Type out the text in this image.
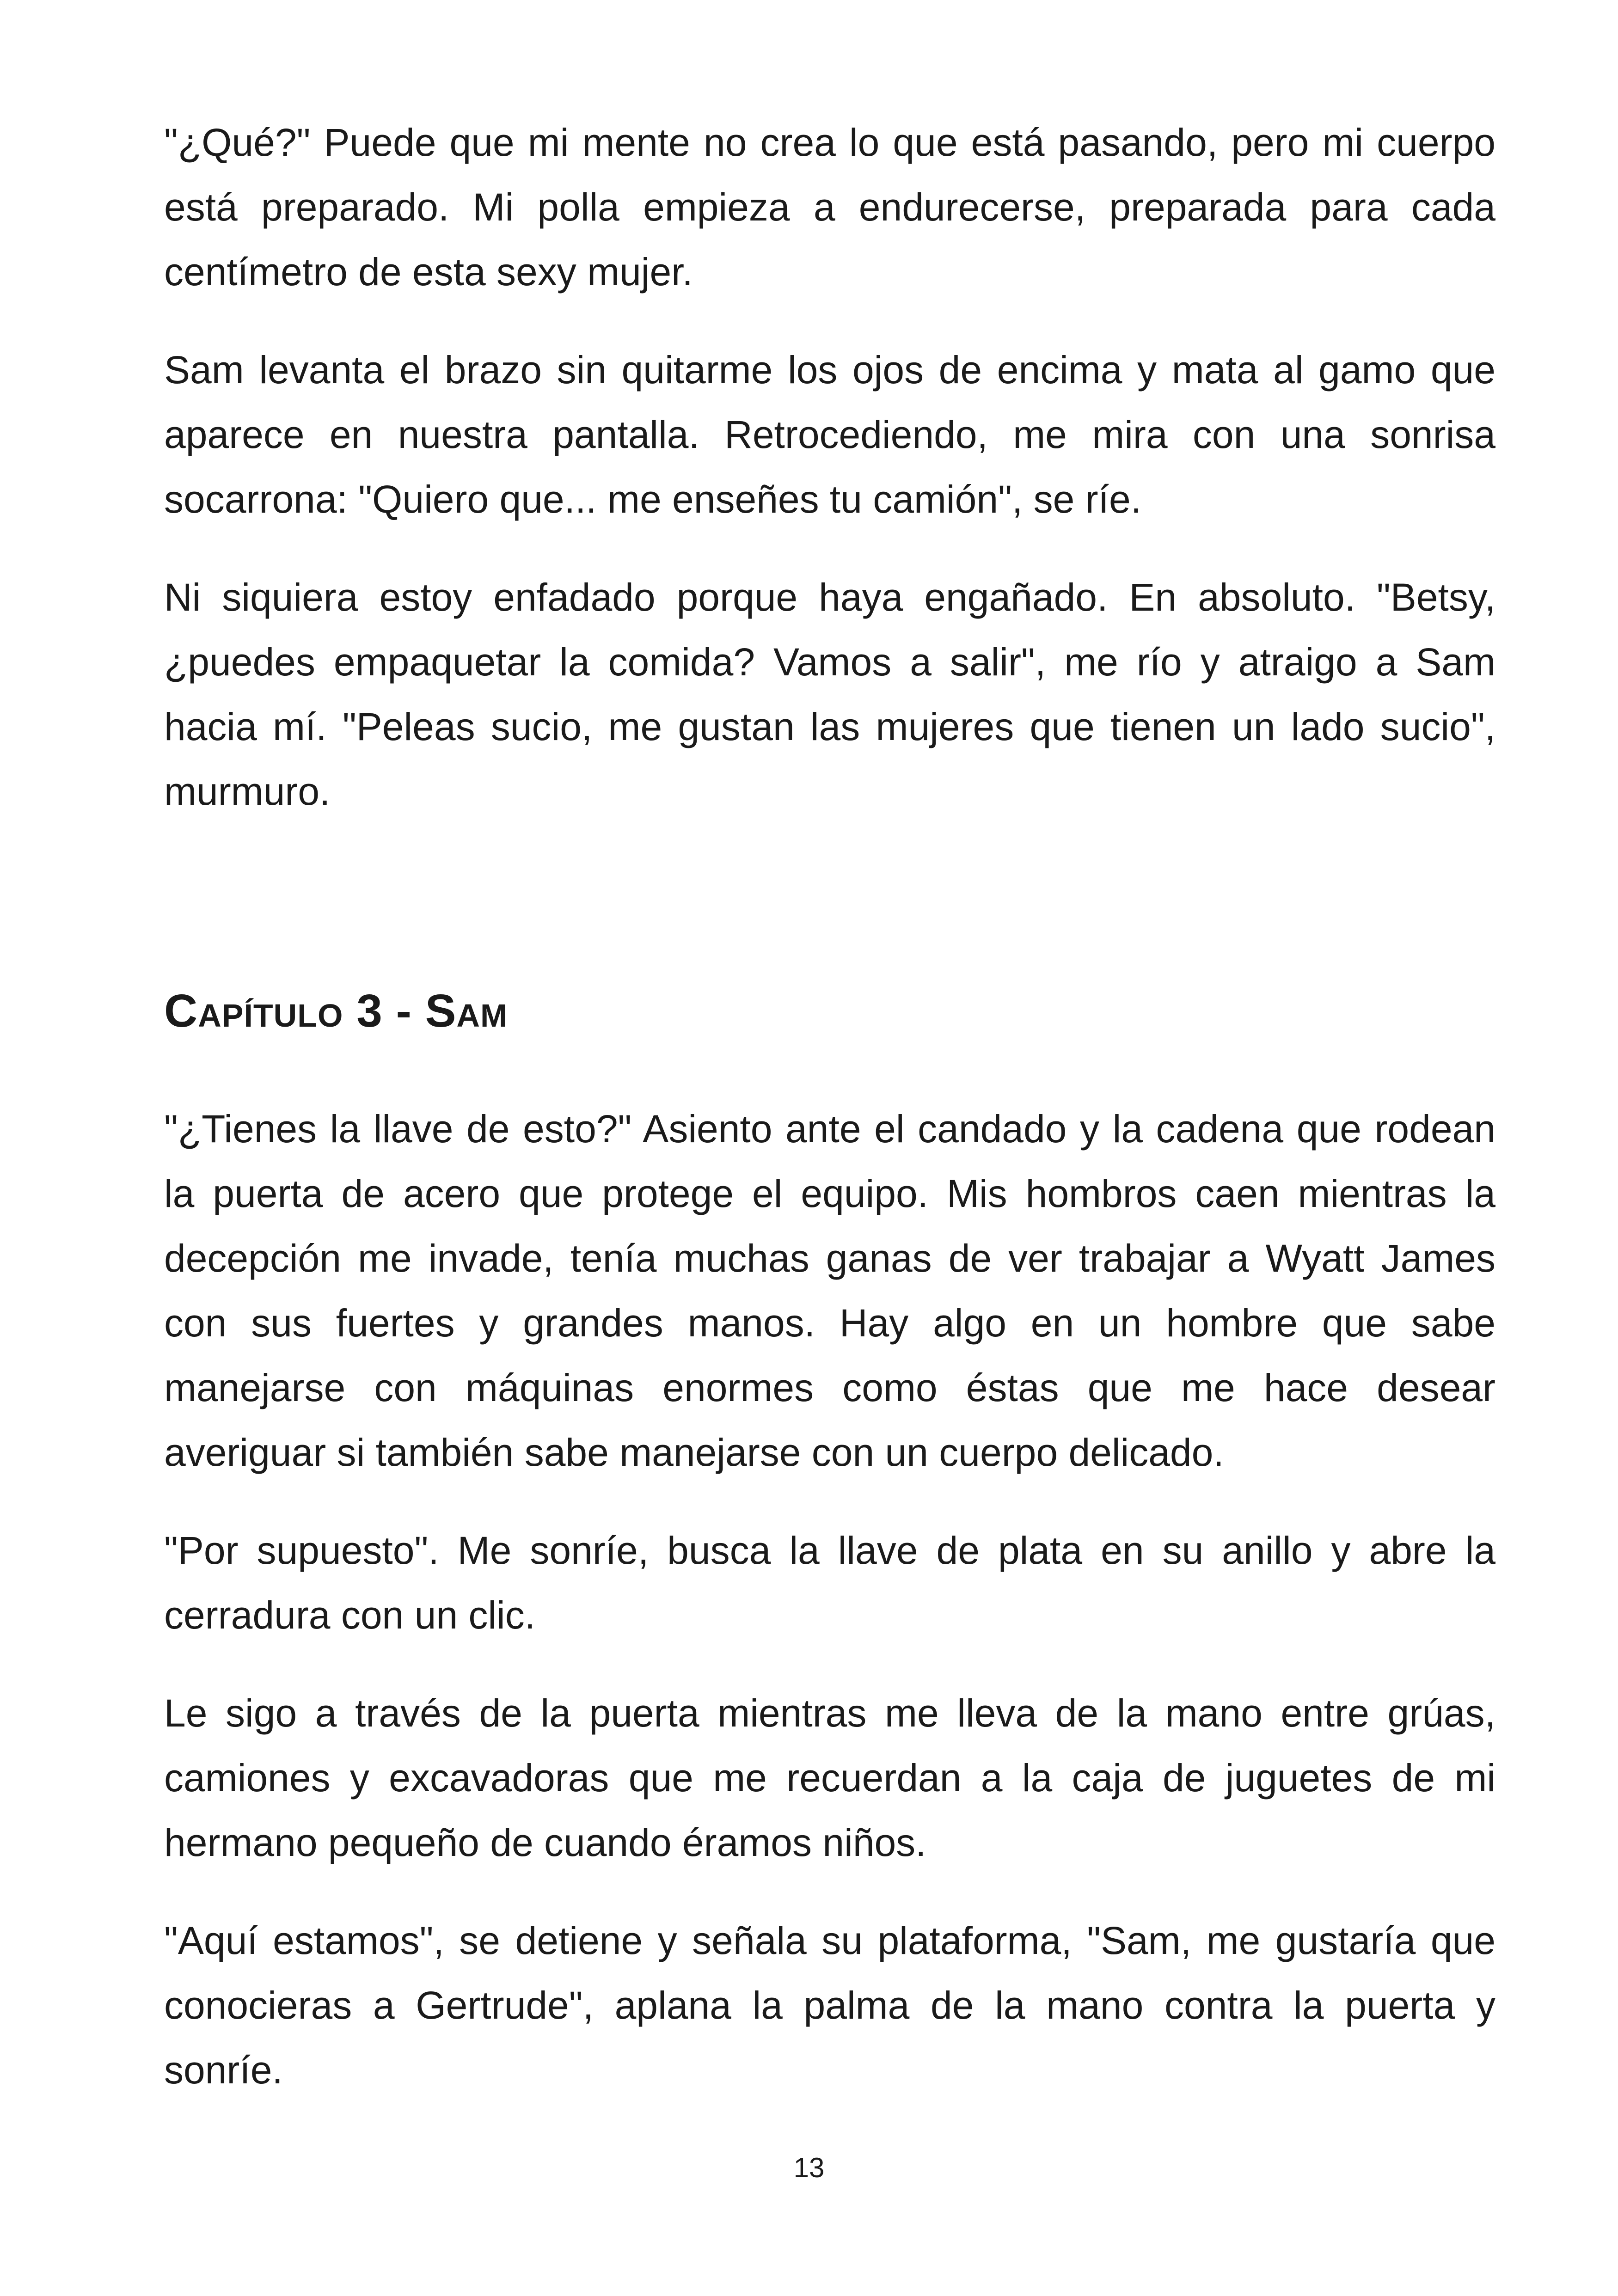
"¿Qué?" Puede que mi mente no crea lo que está pasando, pero mi cuerpo está preparado. Mi polla empieza a endurecerse, preparada para cada centímetro de esta sexy mujer.

Sam levanta el brazo sin quitarme los ojos de encima y mata al gamo que aparece en nuestra pantalla. Retrocediendo, me mira con una sonrisa socarrona: "Quiero que... me enseñes tu camión", se ríe.

Ni siquiera estoy enfadado porque haya engañado. En absoluto. "Betsy, ¿puedes empaquetar la comida? Vamos a salir", me río y atraigo a Sam hacia mí. "Peleas sucio, me gustan las mujeres que tienen un lado sucio", murmuro.

Capítulo 3 - Sam

"¿Tienes la llave de esto?" Asiento ante el candado y la cadena que rodean la puerta de acero que protege el equipo. Mis hombros caen mientras la decepción me invade, tenía muchas ganas de ver trabajar a Wyatt James con sus fuertes y grandes manos. Hay algo en un hombre que sabe manejarse con máquinas enormes como éstas que me hace desear averiguar si también sabe manejarse con un cuerpo delicado.

"Por supuesto". Me sonríe, busca la llave de plata en su anillo y abre la cerradura con un clic.

Le sigo a través de la puerta mientras me lleva de la mano entre grúas, camiones y excavadoras que me recuerdan a la caja de juguetes de mi hermano pequeño de cuando éramos niños.

"Aquí estamos", se detiene y señala su plataforma, "Sam, me gustaría que conocieras a Gertrude", aplana la palma de la mano contra la puerta y sonríe.

13
